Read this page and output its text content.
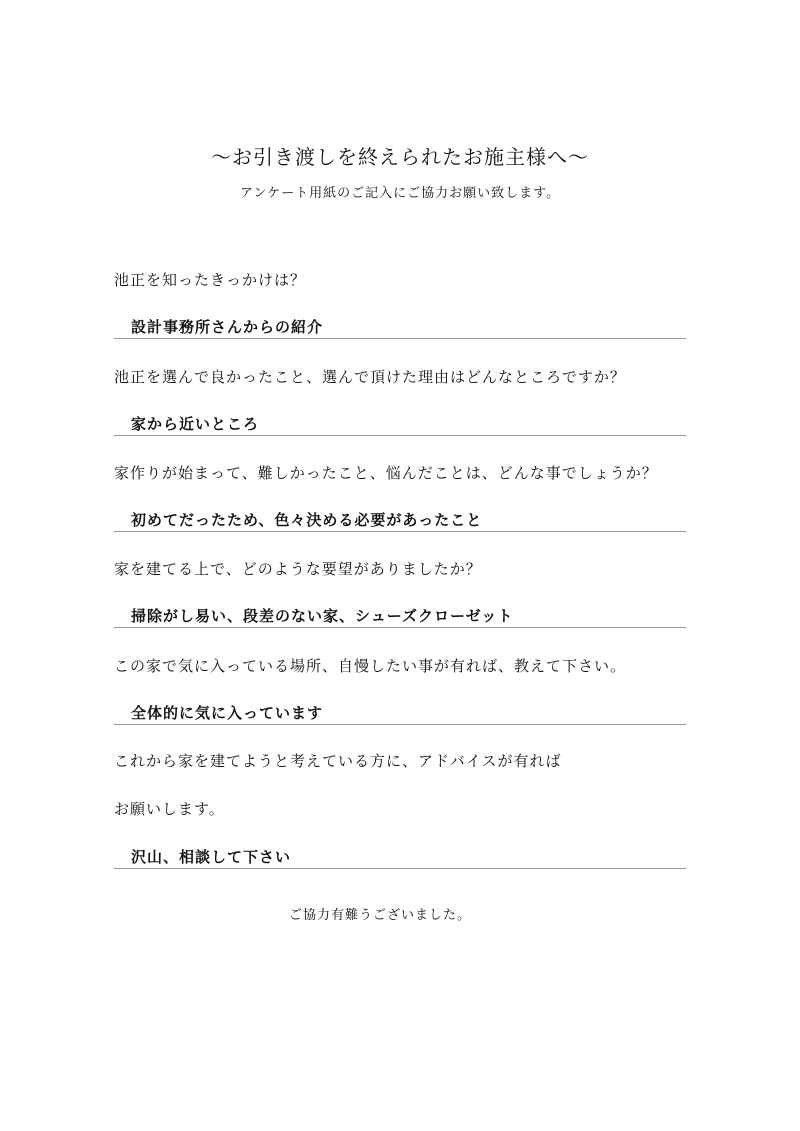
～お引き渡しを終えられたお施主様へ～
アンケート用紙のご記入にご協力お願い致します。
池正を知ったきっかけは？
設計事務所さんからの紹介
池正を選んで良かったこと、選んで頂けた理由はどんなところですか？
家から近いところ
家作りが始まって、難しかったこと、悩んだことは、どんな事でしょうか？
初めてだったため、色々決める必要があったこと
家を建てる上で、どのような要望がありましたか？
掃除がし易い、段差のない家、シューズクローゼット
この家で気に入っている場所、自慢したい事が有れば、教えて下さい。
全体的に気に入っています
これから家を建てようと考えている方に、アドバイスが有れば
お願いします。
沢山、相談して下さい
ご協力有難うございました。
